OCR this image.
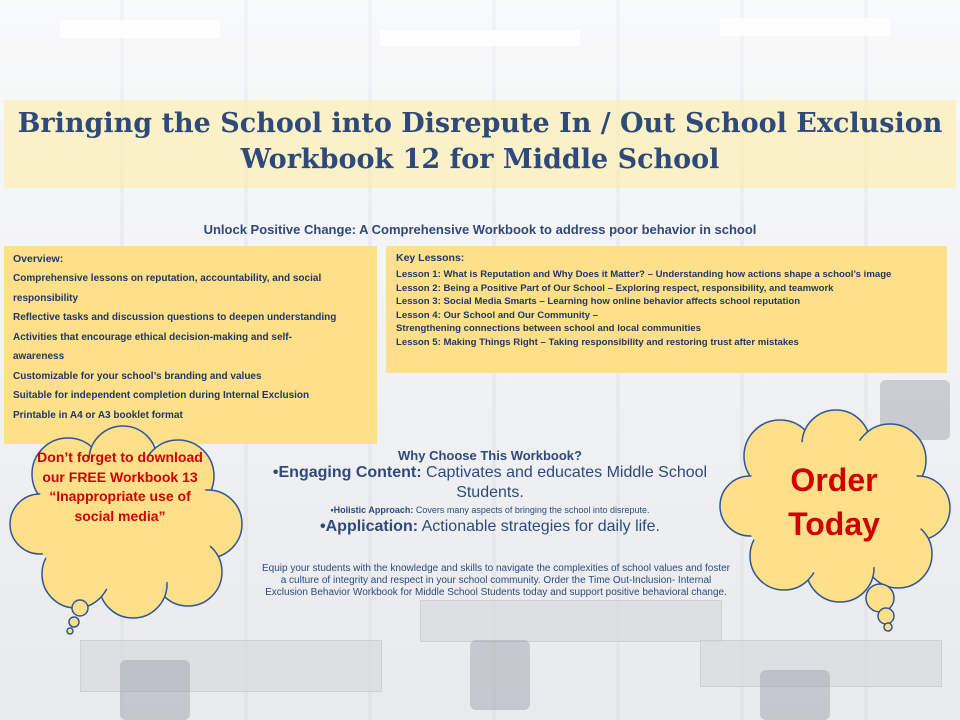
Bringing the School into Disrepute In / Out School Exclusion
Workbook 12 for Middle School
Unlock Positive Change: A Comprehensive Workbook to address poor behavior in school
Overview:
Comprehensive lessons on reputation, accountability, and social
responsibility
Reflective tasks and discussion questions to deepen understanding
Activities that encourage ethical decision-making and self-
awareness
Customizable for your school’s branding and values
Suitable for independent completion during Internal Exclusion
Printable in A4 or A3 booklet format
Key Lessons:
Lesson 1: What is Reputation and Why Does it Matter? – Understanding how actions shape a school’s image
Lesson 2: Being a Positive Part of Our School – Exploring respect, responsibility, and teamwork
Lesson 3: Social Media Smarts – Learning how online behavior affects school reputation
Lesson 4: Our School and Our Community –
Strengthening connections between school and local communities
Lesson 5: Making Things Right – Taking responsibility and restoring trust after mistakes
Why Choose This Workbook?
•Engaging Content: Captivates and educates Middle School Students.
•Holistic Approach: Covers many aspects of bringing the school into disrepute.
•Application: Actionable strategies for daily life.
Equip your students with the knowledge and skills to navigate the complexities of school values and foster a culture of integrity and respect in your school community. Order the Time Out-Inclusion- Internal Exclusion Behavior Workbook for Middle School Students today and support positive behavioral change.
Don’t forget to download our FREE Workbook 13 “Inappropriate use of social media”
Order
Today
